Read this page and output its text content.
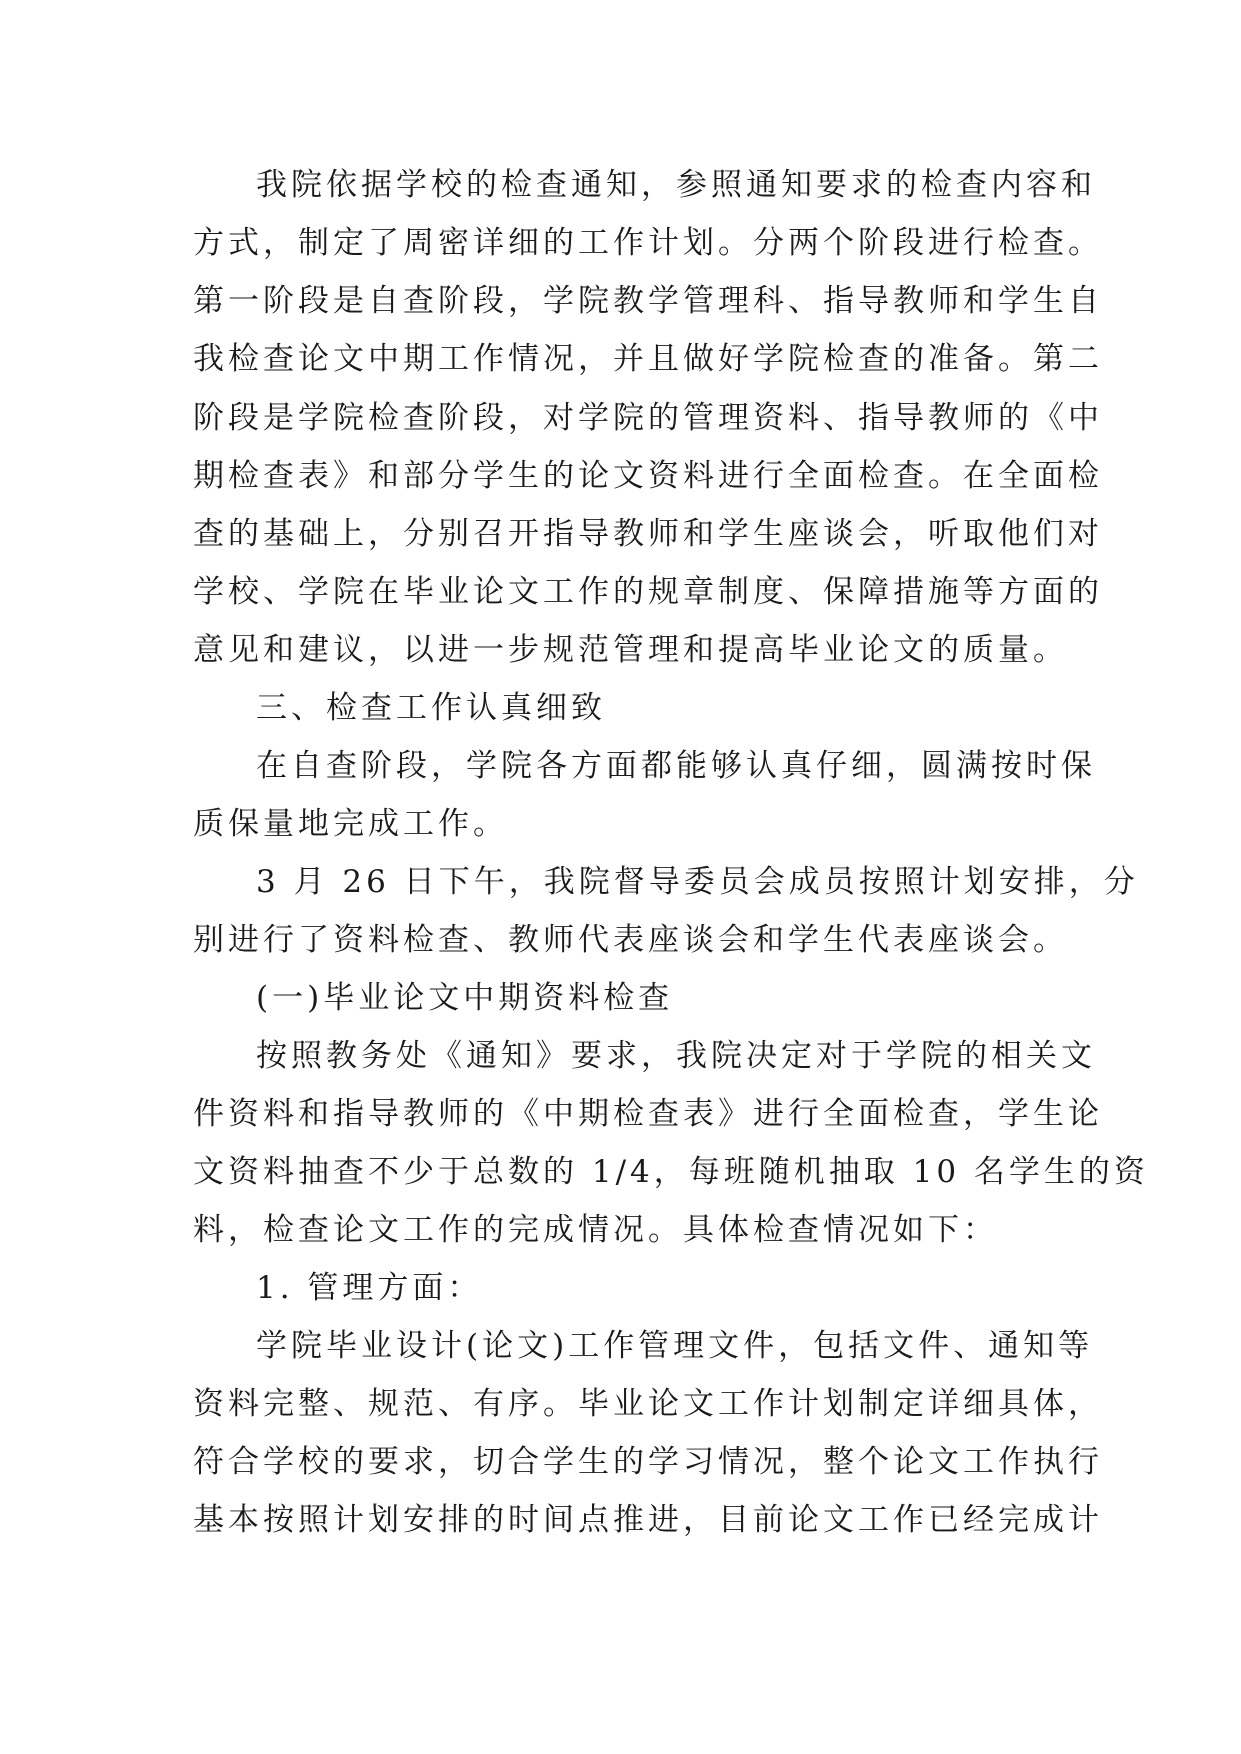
我院依据学校的检查通知，参照通知要求的检查内容和
方式，制定了周密详细的工作计划。分两个阶段进行检查。
第一阶段是自查阶段，学院教学管理科、指导教师和学生自
我检查论文中期工作情况，并且做好学院检查的准备。第二
阶段是学院检查阶段，对学院的管理资料、指导教师的《中
期检查表》和部分学生的论文资料进行全面检查。在全面检
查的基础上，分别召开指导教师和学生座谈会，听取他们对
学校、学院在毕业论文工作的规章制度、保障措施等方面的
意见和建议，以进一步规范管理和提高毕业论文的质量。
三、检查工作认真细致
在自查阶段，学院各方面都能够认真仔细，圆满按时保
质保量地完成工作。
3 月 26 日下午，我院督导委员会成员按照计划安排，分
别进行了资料检查、教师代表座谈会和学生代表座谈会。
(一)毕业论文中期资料检查
按照教务处《通知》要求，我院决定对于学院的相关文
件资料和指导教师的《中期检查表》进行全面检查，学生论
文资料抽查不少于总数的 1/4，每班随机抽取 10 名学生的资
料，检查论文工作的完成情况。具体检查情况如下：
1. 管理方面：
学院毕业设计(论文)工作管理文件，包括文件、通知等
资料完整、规范、有序。毕业论文工作计划制定详细具体，
符合学校的要求，切合学生的学习情况，整个论文工作执行
基本按照计划安排的时间点推进，目前论文工作已经完成计
